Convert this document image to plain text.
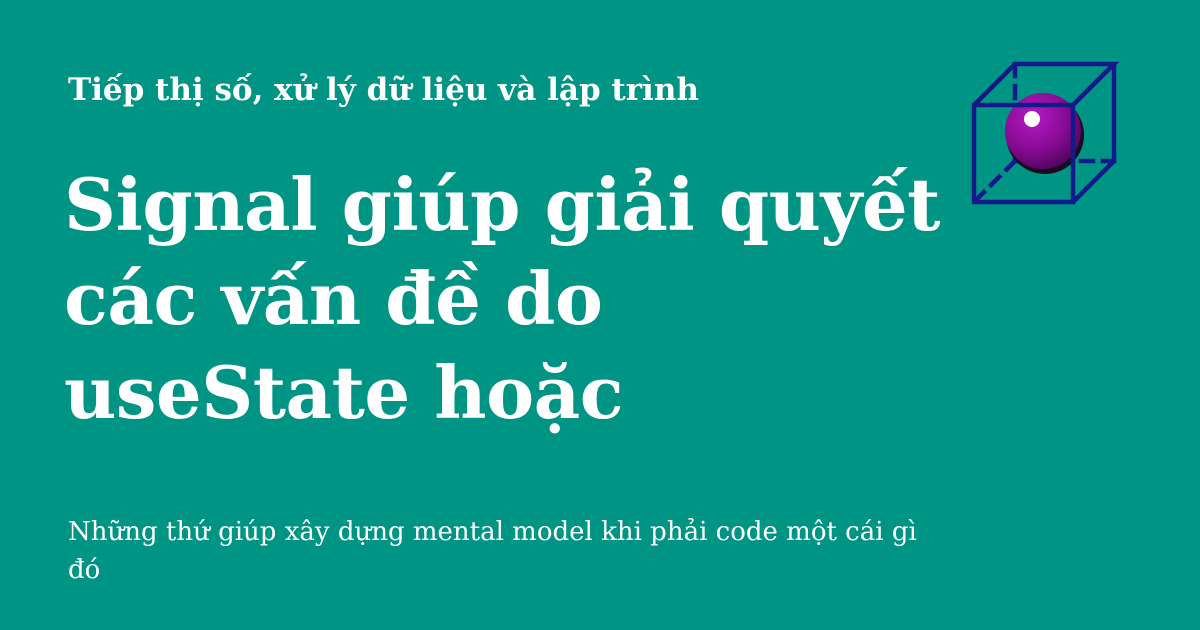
Tiếp thị số, xử lý dữ liệu và lập trình
Signal giúp giải quyết các vấn đề do useState hoặc
Những thứ giúp xây dựng mental model khi phải code một cái gì đó
